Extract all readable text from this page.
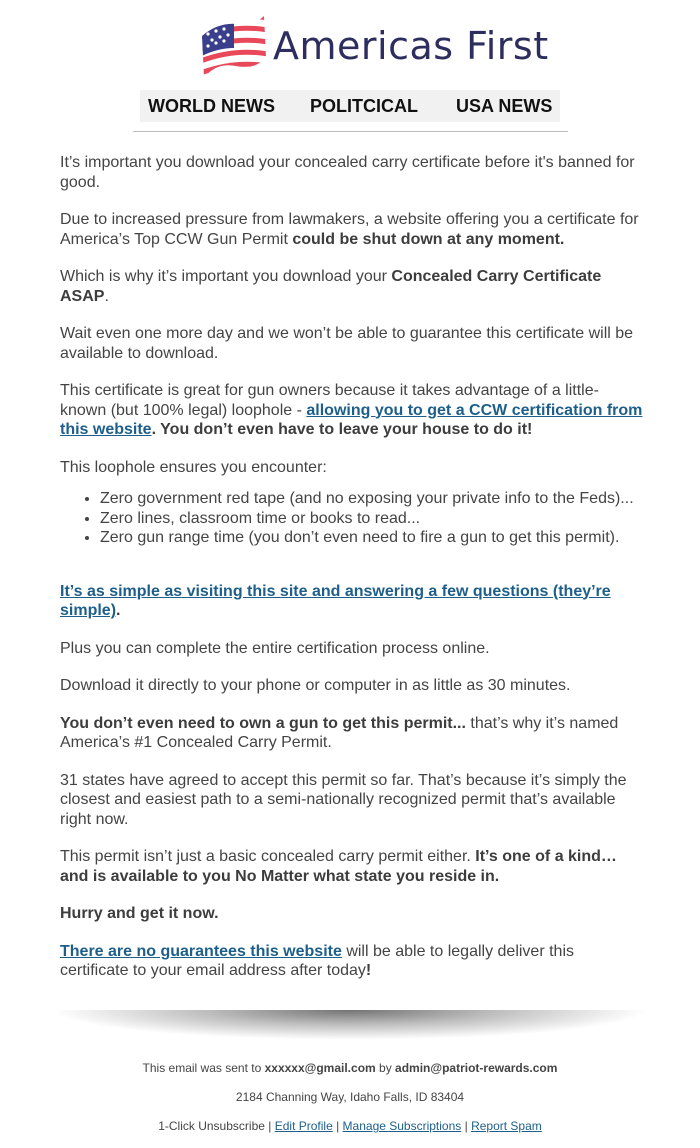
Americas First
WORLD NEWS POLITCICAL USA NEWS

It’s important you download your concealed carry certificate before it's banned for good.

Due to increased pressure from lawmakers, a website offering you a certificate for America’s Top CCW Gun Permit could be shut down at any moment.

Which is why it’s important you download your Concealed Carry Certificate ASAP.

Wait even one more day and we won’t be able to guarantee this certificate will be available to download.

This certificate is great for gun owners because it takes advantage of a little-known (but 100% legal) loophole - allowing you to get a CCW certification from this website. You don’t even have to leave your house to do it!

This loophole ensures you encounter:

• Zero government red tape (and no exposing your private info to the Feds)...
• Zero lines, classroom time or books to read...
• Zero gun range time (you don’t even need to fire a gun to get this permit).

It’s as simple as visiting this site and answering a few questions (they’re simple).

Plus you can complete the entire certification process online.

Download it directly to your phone or computer in as little as 30 minutes.

You don’t even need to own a gun to get this permit... that’s why it’s named America’s #1 Concealed Carry Permit.

31 states have agreed to accept this permit so far. That’s because it’s simply the closest and easiest path to a semi-nationally recognized permit that’s available right now.

This permit isn’t just a basic concealed carry permit either. It’s one of a kind… and is available to you No Matter what state you reside in.

Hurry and get it now.

There are no guarantees this website will be able to legally deliver this certificate to your email address after today!

This email was sent to xxxxxx@gmail.com by admin@patriot-rewards.com
2184 Channing Way, Idaho Falls, ID 83404
1-Click Unsubscribe | Edit Profile | Manage Subscriptions | Report Spam
